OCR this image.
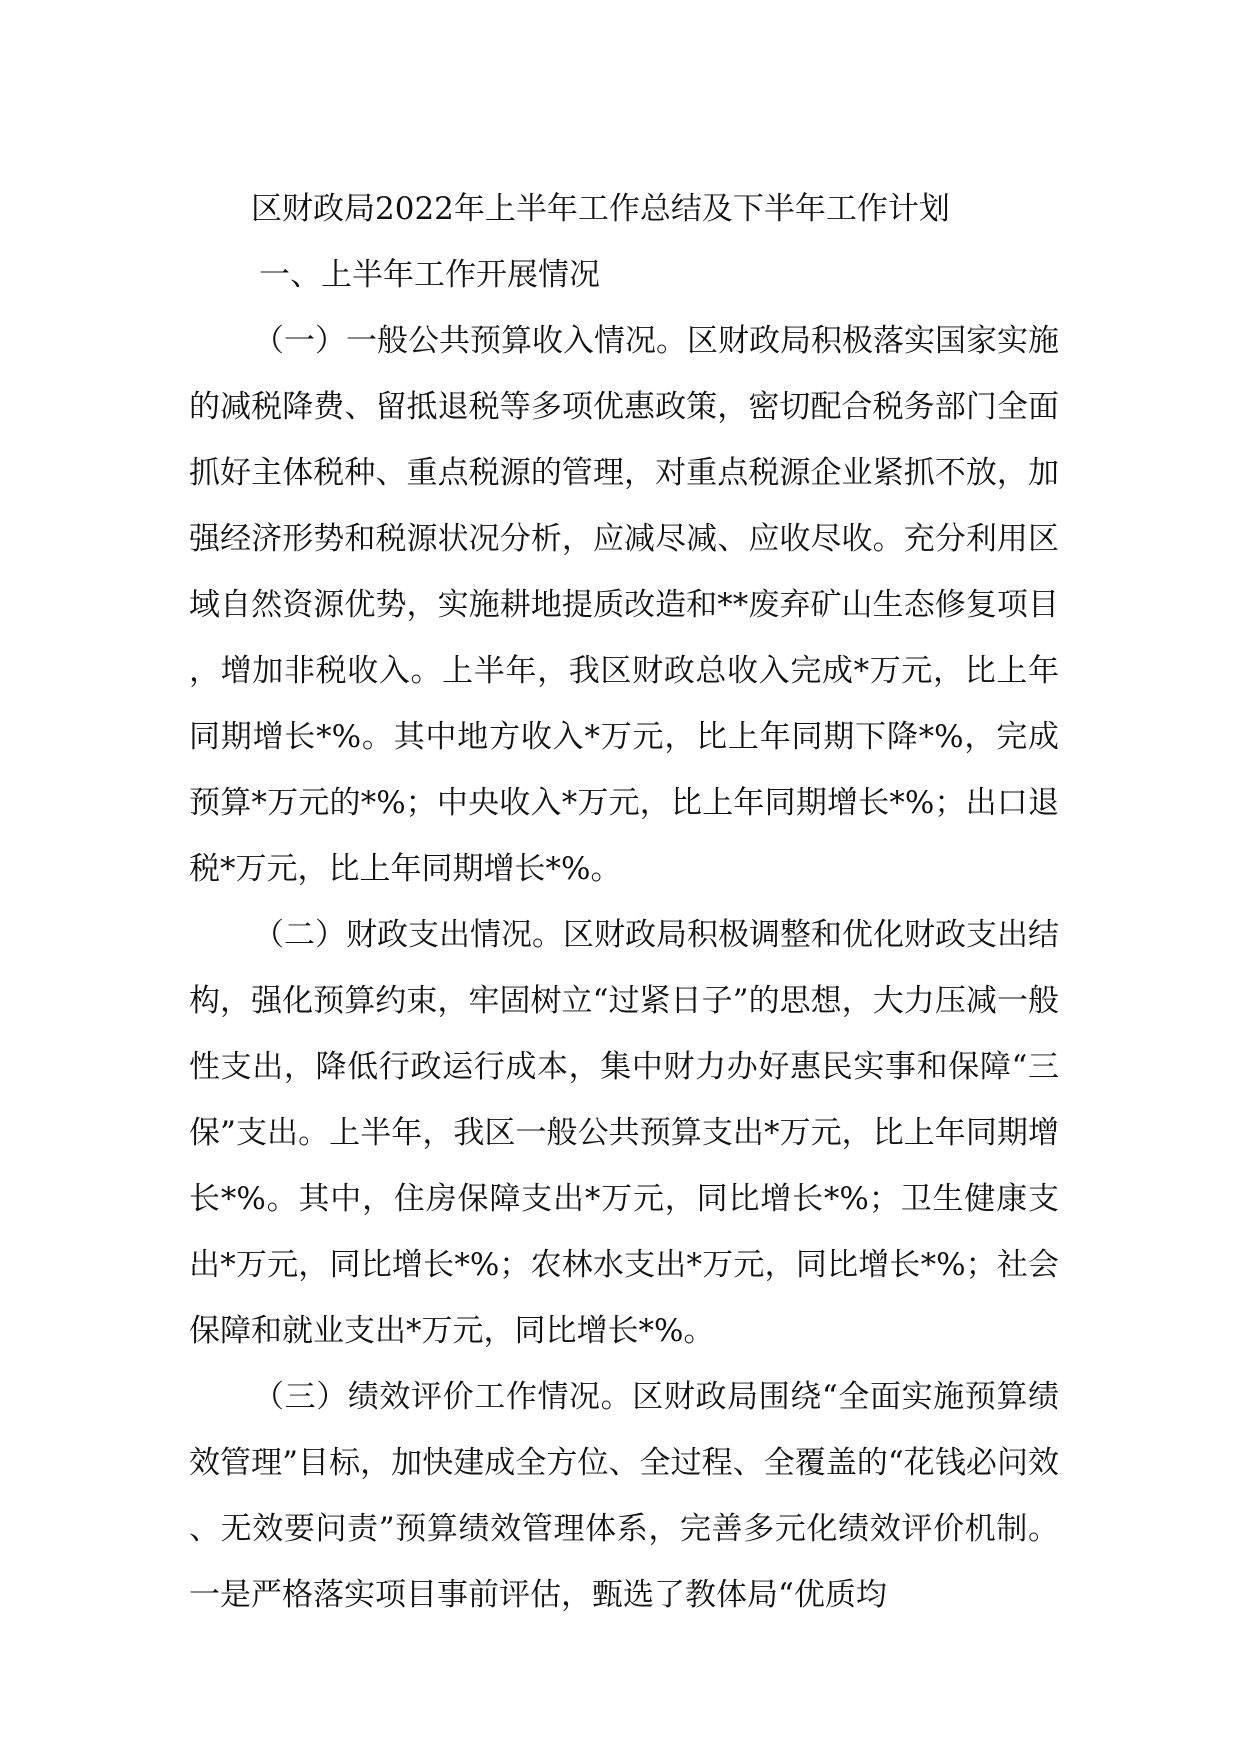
区财政局2022年上半年工作总结及下半年工作计划
一、上半年工作开展情况

（一）一般公共预算收入情况。区财政局积极落实国家实施的减税降费、留抵退税等多项优惠政策，密切配合税务部门全面抓好主体税种、重点税源的管理，对重点税源企业紧抓不放，加强经济形势和税源状况分析，应减尽减、应收尽收。充分利用区域自然资源优势，实施耕地提质改造和**废弃矿山生态修复项目，增加非税收入。上半年，我区财政总收入完成*万元，比上年同期增长*%。其中地方收入*万元，比上年同期下降*%，完成预算*万元的*%；中央收入*万元，比上年同期增长*%；出口退税*万元，比上年同期增长*%。

（二）财政支出情况。区财政局积极调整和优化财政支出结构，强化预算约束，牢固树立“过紧日子”的思想，大力压减一般性支出，降低行政运行成本，集中财力办好惠民实事和保障“三保”支出。上半年，我区一般公共预算支出*万元，比上年同期增长*%。其中，住房保障支出*万元，同比增长*%；卫生健康支出*万元，同比增长*%；农林水支出*万元，同比增长*%；社会保障和就业支出*万元，同比增长*%。

（三）绩效评价工作情况。区财政局围绕“全面实施预算绩效管理”目标，加快建成全方位、全过程、全覆盖的“花钱必问效、无效要问责”预算绩效管理体系，完善多元化绩效评价机制。一是严格落实项目事前评估，甄选了教体局“优质均
